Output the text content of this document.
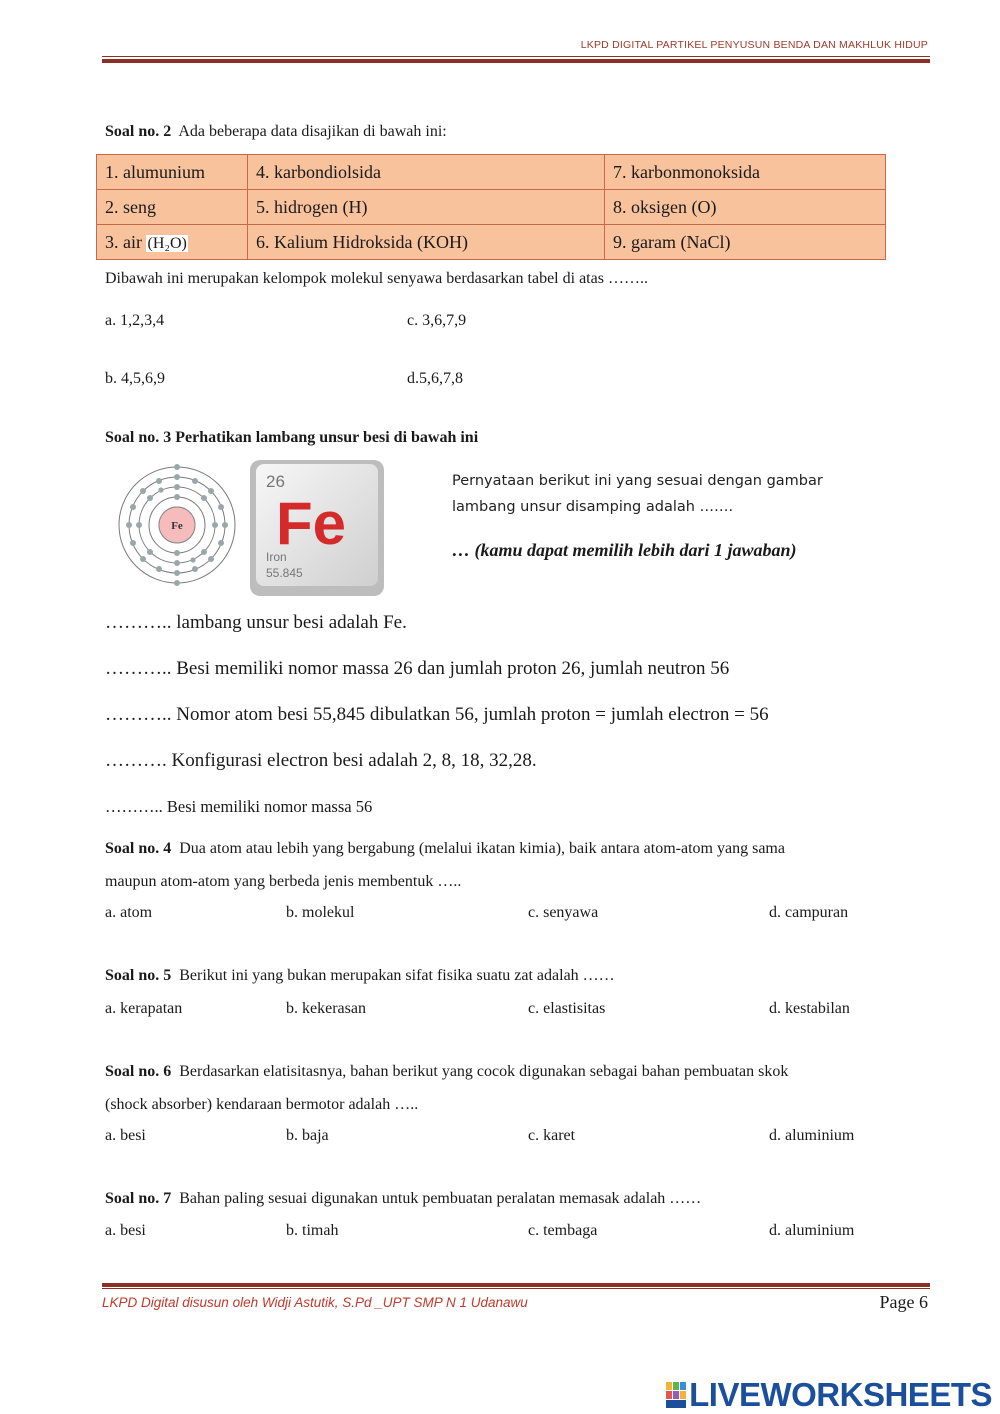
LKPD DIGITAL PARTIKEL PENYUSUN BENDA DAN MAKHLUK HIDUP
Soal no. 2 Ada beberapa data disajikan di bawah ini:
1. alumunium	4. karbondiolsida	7. karbonmonoksida
2. seng	5. hidrogen (H)	8. oksigen (O)
3. air (H₂O)	6. Kalium Hidroksida (KOH)	9. garam (NaCl)
Dibawah ini merupakan kelompok molekul senyawa berdasarkan tabel di atas ……..
a. 1,2,3,4	c. 3,6,7,9
b. 4,5,6,9	d.5,6,7,8
Soal no. 3 Perhatikan lambang unsur besi di bawah ini
Fe
26
Fe
Iron
55.845
Pernyataan berikut ini yang sesuai dengan gambar
lambang unsur disamping adalah …….
… (kamu dapat memilih lebih dari 1 jawaban)
……….. lambang unsur besi adalah Fe.
……….. Besi memiliki nomor massa 26 dan jumlah proton 26, jumlah neutron 56
……….. Nomor atom besi 55,845 dibulatkan 56, jumlah proton = jumlah electron = 56
………. Konfigurasi electron besi adalah 2, 8, 18, 32,28.
……….. Besi memiliki nomor massa 56
Soal no. 4 Dua atom atau lebih yang bergabung (melalui ikatan kimia), baik antara atom-atom yang sama
maupun atom-atom yang berbeda jenis membentuk …..
a. atom	b. molekul	c. senyawa	d. campuran
Soal no. 5 Berikut ini yang bukan merupakan sifat fisika suatu zat adalah ……
a. kerapatan	b. kekerasan	c. elastisitas	d. kestabilan
Soal no. 6 Berdasarkan elatisitasnya, bahan berikut yang cocok digunakan sebagai bahan pembuatan skok
(shock absorber) kendaraan bermotor adalah …..
a. besi	b. baja	c. karet	d. aluminium
Soal no. 7 Bahan paling sesuai digunakan untuk pembuatan peralatan memasak adalah ……
a. besi	b. timah	c. tembaga	d. aluminium
LKPD Digital disusun oleh Widji Astutik, S.Pd _UPT SMP N 1 Udanawu	Page 6
LIVEWORKSHEETS
